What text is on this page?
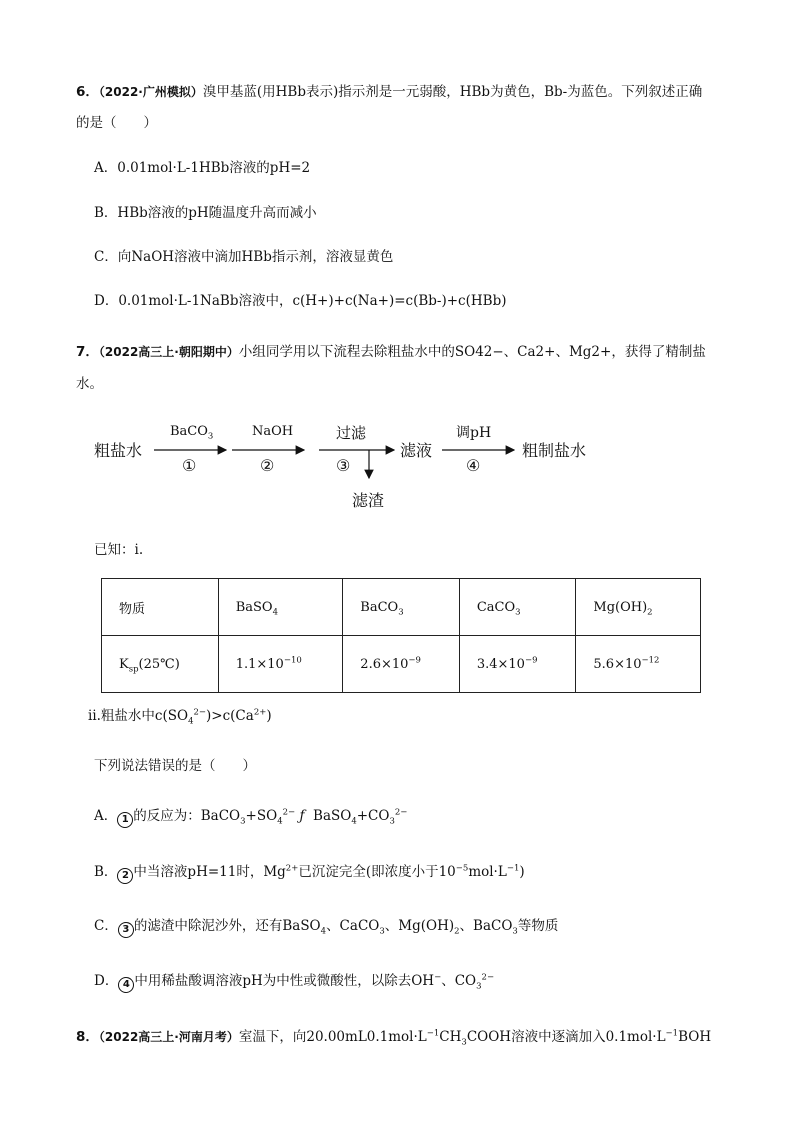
6．（2022·广州模拟）溴甲基蓝(用HBb表示)指示剂是一元弱酸，HBb为黄色，Bb-为蓝色。下列叙述正确
的是（　　）
A．0.01mol·L-1HBb溶液的pH=2
B．HBb溶液的pH随温度升高而减小
C．向NaOH溶液中滴加HBb指示剂，溶液显黄色
D．0.01mol·L-1NaBb溶液中，c(H+)+c(Na+)=c(Bb-)+c(HBb)
7．（2022高三上·朝阳期中）小组同学用以下流程去除粗盐水中的SO42−、Ca2+、Mg2+，获得了精制盐
水。
粗盐水
BaCO$_3$
①
NaOH
②
过滤
③
滤渣
滤液
调pH
④
粗制盐水
已知：ⅰ.
物质	BaSO$_4$	BaCO$_3$	CaCO$_3$	$Mg(OH)_2$
$K_{sp}(25℃)$	$1.1\times 10^{-10}$	$2.6\times 10^{-9}$	$3.4\times 10^{-9}$	$5.6\times 10^{-12}$
ⅱ.粗盐水中$c(SO_4^{2-})>c(Ca^{2+})$
下列说法错误的是（　　）
A． 1 的反应为：$BaCO_3+SO_4^{2-}$ ƒ  $BaSO_4+CO_3^{2-}$
B． 2 中当溶液pH=11时，$Mg^{2+}$已沉淀完全(即浓度小于$10^{-5}mol\cdot L^{-1}$)
C． 3 的滤渣中除泥沙外，还有BaSO$_4$、CaCO$_3$、$Mg(OH)_2$、BaCO$_3$等物质
D． 4 中用稀盐酸调溶液pH为中性或微酸性，以除去OH−、$CO_3^{2-}$
8．（2022高三上·河南月考）室温下，向$20.00mL0.1mol\cdot L^{-1}CH_3COOH$溶液中逐滴加入$0.1mol\cdot L^{-1}BOH$
